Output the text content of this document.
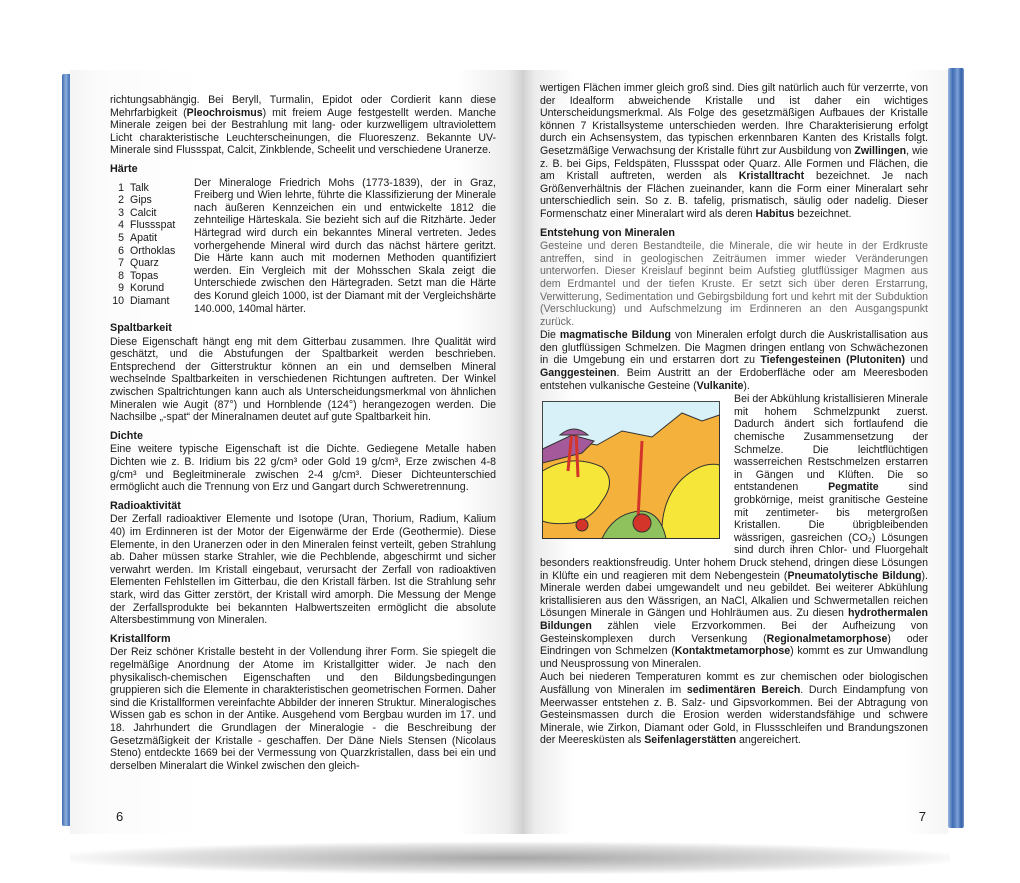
richtungsabhängig. Bei Beryll, Turmalin, Epidot oder Cordierit kann diese Mehrfarbigkeit (Pleochroismus) mit freiem Auge festgestellt werden. Manche Minerale zeigen bei der Bestrahlung mit lang- oder kurzwelligem ultraviolettem Licht charakteristische Leuchterscheinungen, die Fluoreszenz. Bekannte UV-Minerale sind Flussspat, Calcit, Zinkblende, Scheelit und verschiedene Uranerze.

Härte
1 Talk
2 Gips
3 Calcit
4 Flussspat
5 Apatit
6 Orthoklas
7 Quarz
8 Topas
9 Korund
10 Diamant

Der Mineraloge Friedrich Mohs (1773-1839), der in Graz, Freiberg und Wien lehrte, führte die Klassifizierung der Minerale nach äußeren Kennzeichen ein und entwickelte 1812 die zehnteilige Härteskala. Sie bezieht sich auf die Ritzhärte. Jeder Härtegrad wird durch ein bekanntes Mineral vertreten. Jedes vorhergehende Mineral wird durch das nächst härtere geritzt. Die Härte kann auch mit modernen Methoden quantifiziert werden. Ein Vergleich mit der Mohsschen Skala zeigt die Unterschiede zwischen den Härtegraden. Setzt man die Härte des Korund gleich 1000, ist der Diamant mit der Vergleichshärte 140.000, 140mal härter.

Spaltbarkeit

Diese Eigenschaft hängt eng mit dem Gitterbau zusammen. Ihre Qualität wird geschätzt, und die Abstufungen der Spaltbarkeit werden beschrieben. Entsprechend der Gitterstruktur können an ein und demselben Mineral wechselnde Spaltbarkeiten in verschiedenen Richtungen auftreten. Der Winkel zwischen Spaltrichtungen kann auch als Unterscheidungsmerkmal von ähnlichen Mineralen wie Augit (87°) und Hornblende (124°) herangezogen werden. Die Nachsilbe „-spat“ der Mineralnamen deutet auf gute Spaltbarkeit hin.

Dichte

Eine weitere typische Eigenschaft ist die Dichte. Gediegene Metalle haben Dichten wie z. B. Iridium bis 22 g/cm³ oder Gold 19 g/cm³, Erze zwischen 4-8 g/cm³ und Begleitminerale zwischen 2-4 g/cm³. Dieser Dichteunterschied ermöglicht auch die Trennung von Erz und Gangart durch Schweretrennung.

Radioaktivität

Der Zerfall radioaktiver Elemente und Isotope (Uran, Thorium, Radium, Kalium 40) im Erdinneren ist der Motor der Eigenwärme der Erde (Geothermie). Diese Elemente, in den Uranerzen oder in den Mineralen feinst verteilt, geben Strahlung ab. Daher müssen starke Strahler, wie die Pechblende, abgeschirmt und sicher verwahrt werden. Im Kristall eingebaut, verursacht der Zerfall von radioaktiven Elementen Fehlstellen im Gitterbau, die den Kristall färben. Ist die Strahlung sehr stark, wird das Gitter zerstört, der Kristall wird amorph. Die Messung der Menge der Zerfallsprodukte bei bekannten Halbwertszeiten ermöglicht die absolute Altersbestimmung von Mineralen.

Kristallform

Der Reiz schöner Kristalle besteht in der Vollendung ihrer Form. Sie spiegelt die regelmäßige Anordnung der Atome im Kristallgitter wider. Je nach den physikalisch-chemischen Eigenschaften und den Bildungsbedingungen gruppieren sich die Elemente in charakteristischen geometrischen Formen. Daher sind die Kristallformen vereinfachte Abbilder der inneren Struktur. Mineralogisches Wissen gab es schon in der Antike. Ausgehend vom Bergbau wurden im 17. und 18. Jahrhundert die Grundlagen der Mineralogie - die Beschreibung der Gesetzmäßigkeit der Kristalle - geschaffen. Der Däne Niels Stensen (Nicolaus Steno) entdeckte 1669 bei der Vermessung von Quarzkristallen, dass bei ein und derselben Mineralart die Winkel zwischen den gleich-

6

wertigen Flächen immer gleich groß sind. Dies gilt natürlich auch für verzerrte, von der Idealform abweichende Kristalle und ist daher ein wichtiges Unterscheidungsmerkmal. Als Folge des gesetzmäßigen Aufbaues der Kristalle können 7 Kristallsysteme unterschieden werden. Ihre Charakterisierung erfolgt durch ein Achsensystem, das typischen erkennbaren Kanten des Kristalls folgt. Gesetzmäßige Verwachsung der Kristalle führt zur Ausbildung von Zwillingen, wie z. B. bei Gips, Feldspäten, Flussspat oder Quarz. Alle Formen und Flächen, die am Kristall auftreten, werden als Kristalltracht bezeichnet. Je nach Größenverhältnis der Flächen zueinander, kann die Form einer Mineralart sehr unterschiedlich sein. So z. B. tafelig, prismatisch, säulig oder nadelig. Dieser Formenschatz einer Mineralart wird als deren Habitus bezeichnet.

Entstehung von Mineralen

Gesteine und deren Bestandteile, die Minerale, die wir heute in der Erdkruste antreffen, sind in geologischen Zeiträumen immer wieder Veränderungen unterworfen. Dieser Kreislauf beginnt beim Aufstieg glutflüssiger Magmen aus dem Erdmantel und der tiefen Kruste. Er setzt sich über deren Erstarrung, Verwitterung, Sedimentation und Gebirgsbildung fort und kehrt mit der Subduktion (Verschluckung) und Aufschmelzung im Erdinneren an den Ausgangspunkt zurück.

Die magmatische Bildung von Mineralen erfolgt durch die Auskristallisation aus den glutflüssigen Schmelzen. Die Magmen dringen entlang von Schwächezonen in die Umgebung ein und erstarren dort zu Tiefengesteinen (Plutoniten) und Ganggesteinen. Beim Austritt an der Erdoberfläche oder am Meeresboden entstehen vulkanische Gesteine (Vulkanite).

Bei der Abkühlung kristallisieren Minerale mit hohem Schmelzpunkt zuerst. Dadurch ändert sich fortlaufend die chemische Zusammensetzung der Schmelze. Die leichtflüchtigen wasserreichen Restschmelzen erstarren in Gängen und Klüften. Die so entstandenen Pegmatite sind grobkörnige, meist granitische Gesteine mit zentimeter- bis metergroßen Kristallen. Die übrigbleibenden wässrigen, gasreichen (CO₂) Lösungen sind durch ihren Chlor- und Fluorgehalt besonders reaktionsfreudig. Unter hohem Druck stehend, dringen diese Lösungen in Klüfte ein und reagieren mit dem Nebengestein (Pneumatolytische Bildung). Minerale werden dabei umgewandelt und neu gebildet. Bei weiterer Abkühlung kristallisieren aus den Wässrigen, an NaCl, Alkalien und Schwermetallen reichen Lösungen Minerale in Gängen und Hohlräumen aus. Zu diesen hydrothermalen Bildungen zählen viele Erzvorkommen. Bei der Aufheizung von Gesteinskomplexen durch Versenkung (Regionalmetamorphose) oder Eindringen von Schmelzen (Kontaktmetamorphose) kommt es zur Umwandlung und Neusprossung von Mineralen.

Auch bei niederen Temperaturen kommt es zur chemischen oder biologischen Ausfällung von Mineralen im sedimentären Bereich. Durch Eindampfung von Meerwasser entstehen z. B. Salz- und Gipsvorkommen. Bei der Abtragung von Gesteinsmassen durch die Erosion werden widerstandsfähige und schwere Minerale, wie Zirkon, Diamant oder Gold, in Flussschleifen und Brandungszonen der Meeresküsten als Seifenlagerstätten angereichert.

7
